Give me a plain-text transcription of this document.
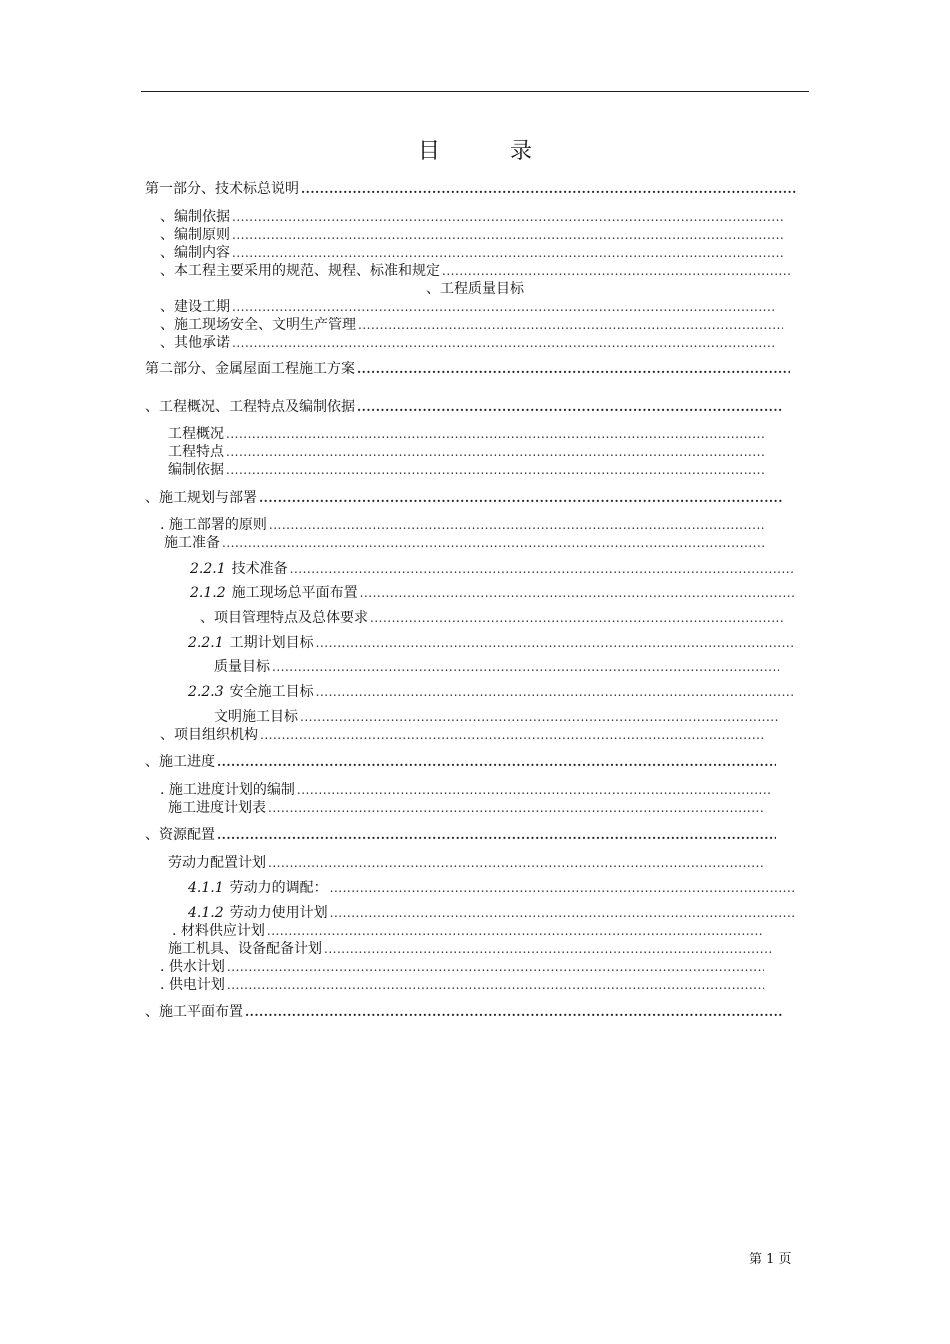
目	录
第一部分、技术标总说明
.....
、编制依据
.....
、编制原则
.....
、编制内容
.....
、本工程主要采用的规范、规程、标准和规定
.....
、工程质量目标
、建设工期
.....
、施工现场安全、文明生产管理
.....
、其他承诺
.....
第二部分、金属屋面工程施工方案
.....
、工程概况、工程特点及编制依据
.....
工程概况
.....
工程特点
.....
编制依据
.....
、施工规划与部署
.....
. 施工部署的原则
.....
施工准备
.....
2.2.1 技术准备
.....
2.1.2 施工现场总平面布置
.....
、项目管理特点及总体要求
.....
2.2.1 工期计划目标
.....
质量目标
.....
2.2.3 安全施工目标
.....
文明施工目标
.....
、项目组织机构
.....
、施工进度
.....
. 施工进度计划的编制
.....
施工进度计划表
.....
、资源配置
.....
劳动力配置计划
.....
4.1.1 劳动力的调配：
.....
4.1.2 劳动力使用计划
.....
. 材料供应计划
.....
施工机具、设备配备计划
.....
. 供水计划
.....
. 供电计划
.....
、施工平面布置
.....
第 1 页
